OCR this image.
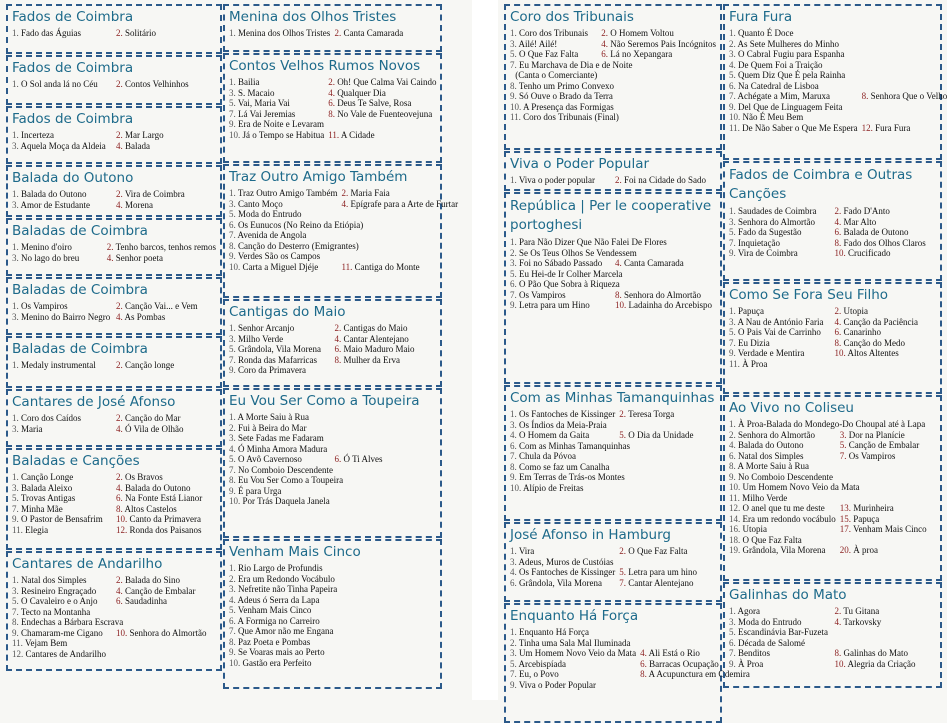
Fados de Coimbra
1. Fado das Águias	2. Solitário
Fados de Coimbra
1. O Sol anda lá no Céu	2. Contos Velhinhos
Fados de Coimbra
1. Incerteza	2. Mar Largo
3. Aquela Moça da Aldeia	4. Balada
Balada do Outono
1. Balada do Outono	2. Vira de Coimbra
3. Amor de Estudante	4. Morena
Baladas de Coimbra
1. Menino d'oiro	2. Tenho barcos, tenhos remos
3. No lago do breu	4. Senhor poeta
Baladas de Coimbra
1. Os Vampiros	2. Canção Vai... e Vem
3. Menino do Bairro Negro 4. As Pombas
Baladas de Coimbra
1. Medaly instrumental	2. Canção longe
Cantares de José Afonso
1. Coro dos Caídos	2. Canção do Mar
3. Maria	4. Ó Vila de Olhão
Baladas e Canções
1. Canção Longe	2. Os Bravos
3. Balada Aleixo	4. Balada do Outono
5. Trovas Antigas	6. Na Fonte Está Lianor
7. Minha Mãe	8. Altos Castelos
9. O Pastor de Bensafrim	10. Canto da Primavera
11. Elegia	12. Ronda dos Paisanos
Cantares de Andarilho
1. Natal dos Simples	2. Balada do Sino
3. Resineiro Engraçado	4. Canção de Embalar
5. O Cavaleiro e o Anjo	6. Saudadinha
7. Tecto na Montanha
8. Endechas a Bárbara Escrava
9. Chamaram-me Cigano	10. Senhora do Almortão
11. Vejam Bem
12. Cantares de Andarilho
Menina dos Olhos Tristes
1. Menina dos Olhos Tristes 2. Canta Camarada
Contos Velhos Rumos Novos
1. Bailia	2. Oh! Que Calma Vai Caindo
3. S. Macaio	4. Qualquer Dia
5. Vai, Maria Vai	6. Deus Te Salve, Rosa
7. Lá Vai Jeremias	8. No Vale de Fuenteovejuna
9. Era de Noite e Levaram
10. Já o Tempo se Habitua 11. A Cidade
Traz Outro Amigo Também
1. Traz Outro Amigo Também 2. Maria Faia
3. Canto Moço	4. Epígrafe para a Arte de Furtar
5. Moda do Entrudo
6. Os Eunucos (No Reino da Etiópia)
7. Avenida de Angola
8. Canção do Desterro (Emigrantes)
9. Verdes São os Campos
10. Carta a Miguel Djéje	11. Cantiga do Monte
Cantigas do Maio
1. Senhor Arcanjo	2. Cantigas do Maio
3. Milho Verde	4. Cantar Alentejano
5. Grândola, Vila Morena	6. Maio Maduro Maio
7. Ronda das Mafarricas	8. Mulher da Erva
9. Coro da Primavera
Eu Vou Ser Como a Toupeira
1. A Morte Saiu à Rua
2. Fui à Beira do Mar
3. Sete Fadas me Fadaram
4. Ó Minha Amora Madura
5. O Avô Cavernoso	6. Ó Ti Alves
7. No Comboio Descendente
8. Eu Vou Ser Como a Toupeira
9. É para Urga
10. Por Trás Daquela Janela
Venham Mais Cinco
1. Rio Largo de Profundis
2. Era um Redondo Vocábulo
3. Nefretite não Tinha Papeira
4. Adeus ó Serra da Lapa
5. Venham Mais Cinco
6. A Formiga no Carreiro
7. Que Amor não me Engana
8. Paz Poeta e Pombas
9. Se Voaras mais ao Perto
10. Gastão era Perfeito
Coro dos Tribunais
1. Coro dos Tribunais	2. O Homem Voltou
3. Ailé! Ailé!	4. Não Seremos Pais Incógnitos
5. O Que Faz Falta	6. Lá no Xepangara
7. Eu Marchava de Dia e de Noite
(Canta o Comerciante)
8. Tenho um Primo Convexo
9. Só Ouve o Brado da Terra
10. A Presença das Formigas
11. Coro dos Tribunais (Final)
Viva o Poder Popular
1. Viva o poder popular	2. Foi na Cidade do Sado
República | Per le cooperative portoghesi
1. Para Não Dizer Que Não Falei De Flores
2. Se Os Teus Olhos Se Vendessem
3. Foi no Sábado Passado	4. Canta Camarada
5. Eu Hei-de Ir Colher Marcela
6. O Pão Que Sobra à Riqueza
7. Os Vampiros	8. Senhora do Almortão
9. Letra para um Hino	10. Ladainha do Arcebispo
Com as Minhas Tamanquinhas
1. Os Fantoches de Kissinger 2. Teresa Torga
3. Os Índios da Meia-Praia
4. O Homem da Gaita	5. O Dia da Unidade
6. Com as Minhas Tamanquinhas
7. Chula da Póvoa
8. Como se faz um Canalha
9. Em Terras de Trás-os Montes
10. Alípio de Freitas
José Afonso in Hamburg
1. Vira	2. O Que Faz Falta
3. Adeus, Muros de Custóias
4. Os Fantoches de Kissinger 5. Letra para um hino
6. Grândola, Vila Morena	7. Cantar Alentejano
Enquanto Há Força
1. Enquanto Há Força
2. Tinha uma Sala Mal Iluminada
3. Um Homem Novo Veio da Mata 4. Ali Está o Rio
5. Arcebispíada	6. Barracas Ocupação
7. Eu, o Povo	8. A Acupunctura em Odemira
9. Viva o Poder Popular
Fura Fura
1. Quanto É Doce
2. As Sete Mulheres do Minho
3. O Cabral Fugiu para Espanha
4. De Quem Foi a Traição
5. Quem Diz Que É pela Rainha
6. Na Catedral de Lisboa
7. Achégate a Mim, Maruxa	8. Senhora Que o Velho
9. Del Que de Linguagem Feita
10. Não É Meu Bem
11. De Não Saber o Que Me Espera 12. Fura Fura
Fados de Coimbra e Outras Canções
1. Saudades de Coimbra	2. Fado D'Anto
3. Senhora do Almortão	4. Mar Alto
5. Fado da Sugestão	6. Balada de Outono
7. Inquietação	8. Fado dos Olhos Claros
9. Vira de Coimbra	10. Crucificado
Como Se Fora Seu Filho
1. Papuça	2. Utopia
3. A Nau de António Faria	4. Canção da Paciência
5. O Pais Vai de Carrinho	6. Canarinho
7. Eu Dizia	8. Canção do Medo
9. Verdade e Mentira	10. Altos Altentes
11. À Proa
Ao Vivo no Coliseu
1. À Proa-Balada do Mondego-Do Choupal até à Lapa
2. Senhora do Almortão	3. Dor na Planície
4. Balada do Outono	5. Canção de Embalar
6. Natal dos Simples	7. Os Vampiros
8. A Morte Saiu à Rua
9. No Comboio Descendente
10. Um Homem Novo Veio da Mata
11. Milho Verde
12. O anel que tu me deste	13. Murinheira
14. Era um redondo vocábulo 15. Papuça
16. Utopia	17. Venham Mais Cinco
18. O Que Faz Falta
19. Grândola, Vila Morena	20. À proa
Galinhas do Mato
1. Agora	2. Tu Gitana
3. Moda do Entrudo	4. Tarkovsky
5. Escandinávia Bar-Fuzeta
6. Década de Salomé
7. Benditos	8. Galinhas do Mato
9. À Proa	10. Alegria da Criação
